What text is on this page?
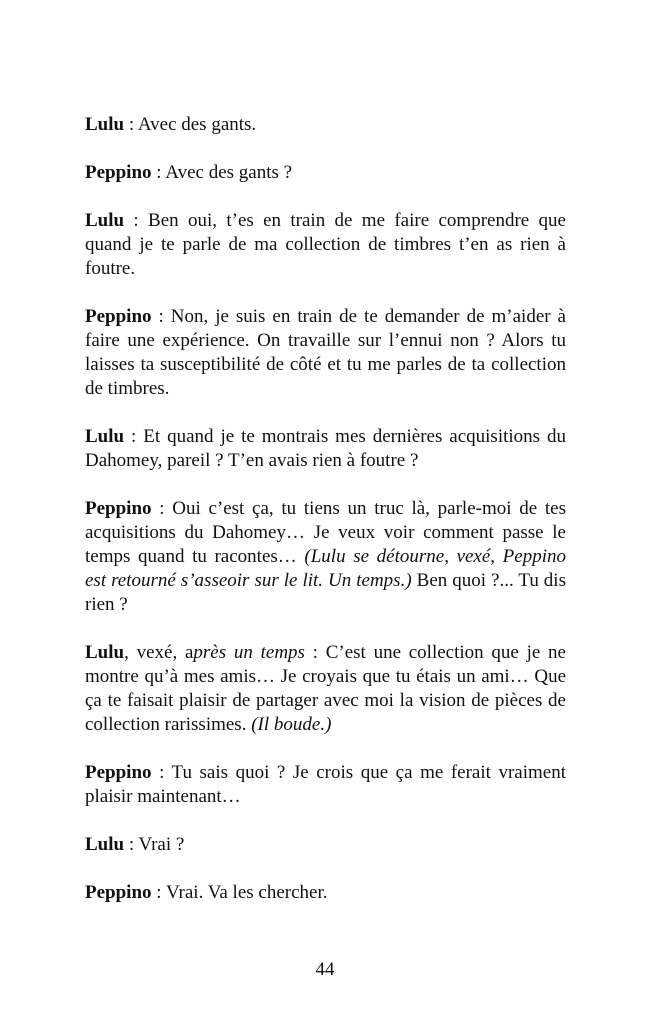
Lulu : Avec des gants.

Peppino : Avec des gants ?

Lulu : Ben oui, t’es en train de me faire comprendre que quand je te parle de ma collection de timbres t’en as rien à foutre.

Peppino : Non, je suis en train de te demander de m’aider à faire une expérience. On travaille sur l’ennui non ? Alors tu laisses ta susceptibilité de côté et tu me parles de ta collection de timbres.

Lulu : Et quand je te montrais mes dernières acquisitions du Dahomey, pareil ? T’en avais rien à foutre ?

Peppino : Oui c’est ça, tu tiens un truc là, parle-moi de tes acquisitions du Dahomey… Je veux voir comment passe le temps quand tu racontes… (Lulu se détourne, vexé, Peppino est retourné s’asseoir sur le lit. Un temps.) Ben quoi ?... Tu dis rien ?

Lulu, vexé, après un temps : C’est une collection que je ne montre qu’à mes amis… Je croyais que tu étais un ami… Que ça te faisait plaisir de partager avec moi la vision de pièces de collection rarissimes. (Il boude.)

Peppino : Tu sais quoi ? Je crois que ça me ferait vraiment plaisir maintenant…

Lulu : Vrai ?

Peppino : Vrai. Va les chercher.

44
